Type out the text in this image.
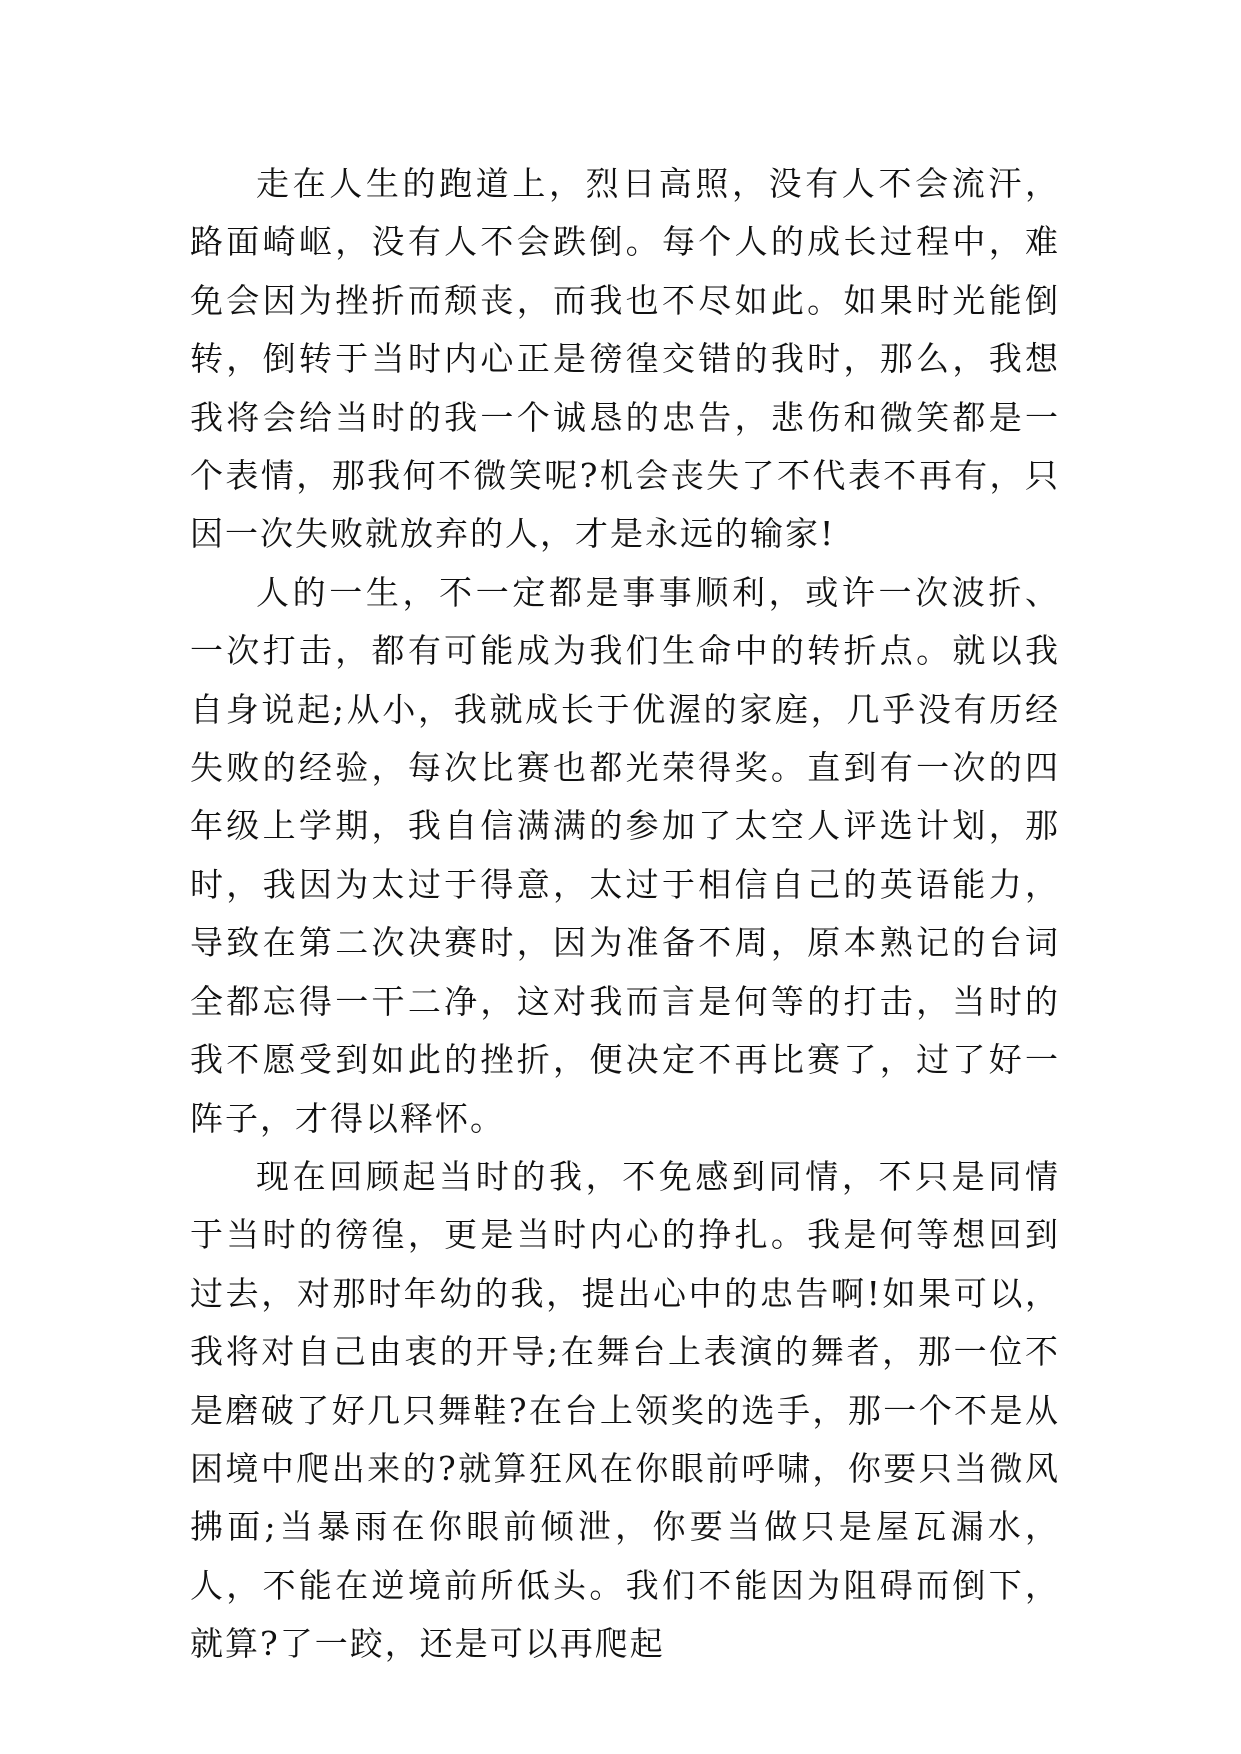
走在人生的跑道上，烈日高照，没有人不会流汗，路面崎岖，没有人不会跌倒。每个人的成长过程中，难免会因为挫折而颓丧，而我也不尽如此。如果时光能倒转，倒转于当时内心正是徬徨交错的我时，那么，我想我将会给当时的我一个诚恳的忠告，悲伤和微笑都是一个表情，那我何不微笑呢?机会丧失了不代表不再有，只因一次失败就放弃的人，才是永远的输家!

人的一生，不一定都是事事顺利，或许一次波折、一次打击，都有可能成为我们生命中的转折点。就以我自身说起;从小，我就成长于优渥的家庭，几乎没有历经失败的经验，每次比赛也都光荣得奖。直到有一次的四年级上学期，我自信满满的参加了太空人评选计划，那时，我因为太过于得意，太过于相信自己的英语能力，导致在第二次决赛时，因为准备不周，原本熟记的台词全都忘得一干二净，这对我而言是何等的打击，当时的我不愿受到如此的挫折，便决定不再比赛了，过了好一阵子，才得以释怀。

现在回顾起当时的我，不免感到同情，不只是同情于当时的徬徨，更是当时内心的挣扎。我是何等想回到过去，对那时年幼的我，提出心中的忠告啊!如果可以，我将对自己由衷的开导;在舞台上表演的舞者，那一位不是磨破了好几只舞鞋?在台上领奖的选手，那一个不是从困境中爬出来的?就算狂风在你眼前呼啸，你要只当微风拂面;当暴雨在你眼前倾泄，你要当做只是屋瓦漏水，人，不能在逆境前所低头。我们不能因为阻碍而倒下，就算?了一跤，还是可以再爬起
